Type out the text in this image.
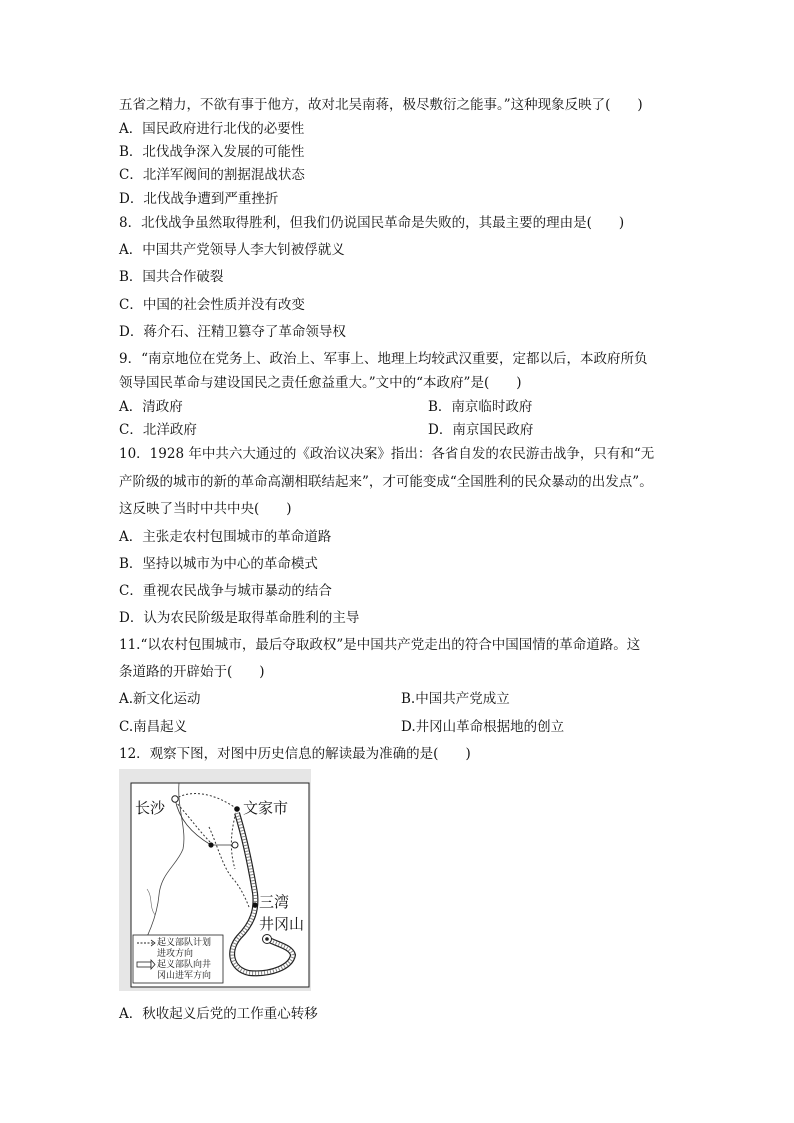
五省之精力，不欲有事于他方，故对北吴南蒋，极尽敷衍之能事。”这种现象反映了(　　)
A．国民政府进行北伐的必要性
B．北伐战争深入发展的可能性
C．北洋军阀间的割据混战状态
D．北伐战争遭到严重挫折
8．北伐战争虽然取得胜利，但我们仍说国民革命是失败的，其最主要的理由是(　　)
A．中国共产党领导人李大钊被俘就义
B．国共合作破裂
C．中国的社会性质并没有改变
D．蒋介石、汪精卫篡夺了革命领导权
9．“南京地位在党务上、政治上、军事上、地理上均较武汉重要，定都以后，本政府所负
领导国民革命与建设国民之责任愈益重大。”文中的“本政府”是(　　)
A．清政府	B．南京临时政府
C．北洋政府	D．南京国民政府
10．1928 年中共六大通过的《政治议决案》指出：各省自发的农民游击战争，只有和“无
产阶级的城市的新的革命高潮相联结起来”，才可能变成“全国胜利的民众暴动的出发点”。
这反映了当时中共中央(　　)
A．主张走农村包围城市的革命道路
B．坚持以城市为中心的革命模式
C．重视农民战争与城市暴动的结合
D．认为农民阶级是取得革命胜利的主导
11.“以农村包围城市，最后夺取政权”是中国共产党走出的符合中国国情的革命道路。这
条道路的开辟始于(　　)
A.新文化运动	B.中国共产党成立
C.南昌起义	D.井冈山革命根据地的创立
12．观察下图，对图中历史信息的解读最为准确的是(　　)
长沙	文家市
三湾
井冈山
起义部队计划
进攻方向
起义部队向井
冈山进军方向
A．秋收起义后党的工作重心转移
